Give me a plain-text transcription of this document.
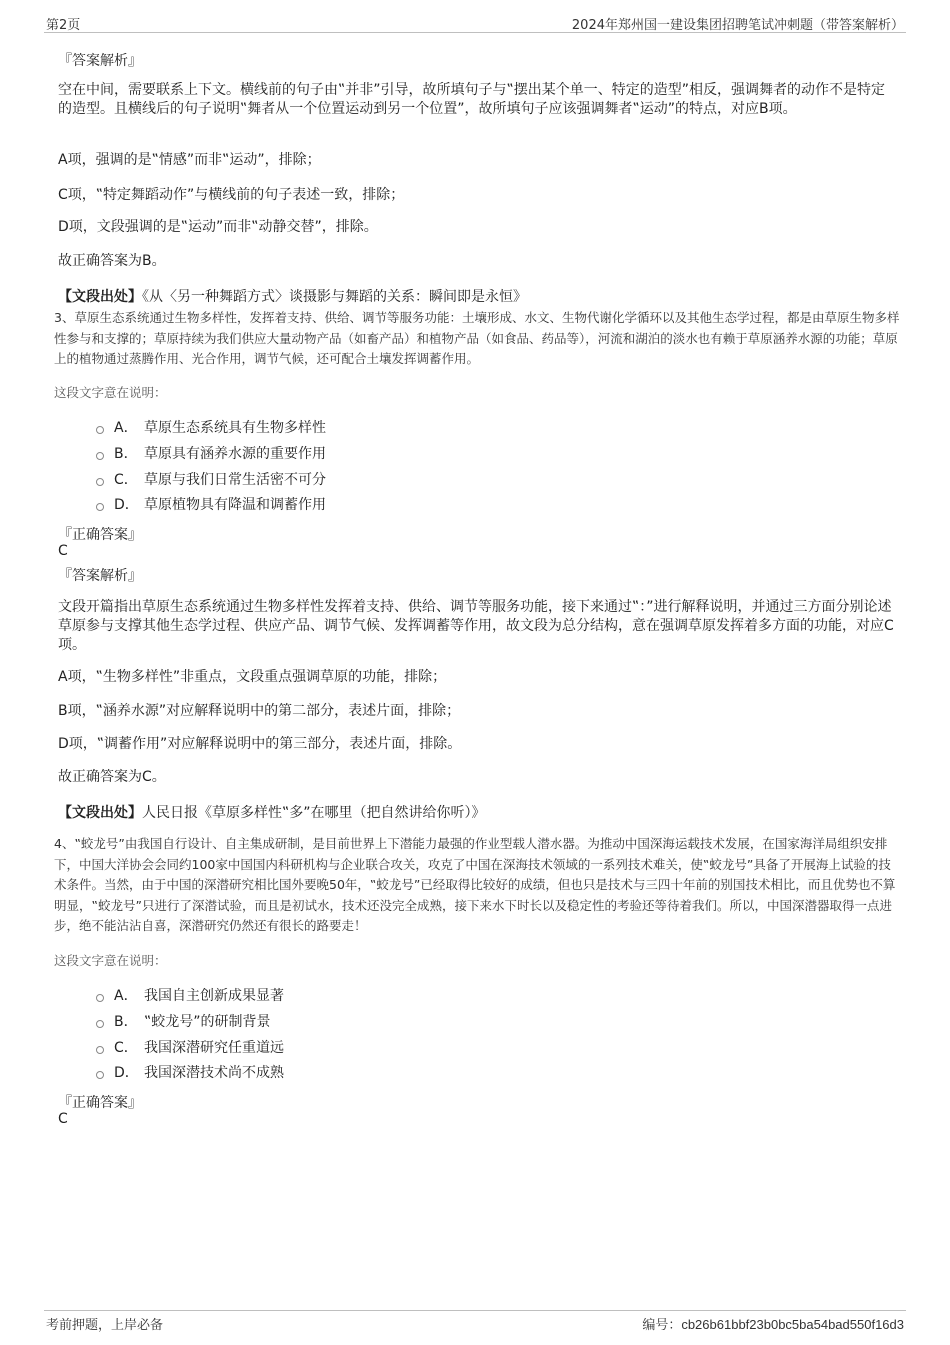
第2页	2024年郑州国一建设集团招聘笔试冲刺题（带答案解析）
『答案解析』
空在中间，需要联系上下文。横线前的句子由‟并非”引导，故所填句子与‟摆出某个单一、特定的造型”相反，强调舞者的动作不是特定的造型。且横线后的句子说明‟舞者从一个位置运动到另一个位置”，故所填句子应该强调舞者‟运动”的特点，对应B项。
A项，强调的是‟情感”而非‟运动”，排除；
C项，‟特定舞蹈动作”与横线前的句子表述一致，排除；
D项，文段强调的是‟运动”而非‟动静交替”，排除。
故正确答案为B。
【文段出处】《从〈另一种舞蹈方式〉谈摄影与舞蹈的关系：瞬间即是永恒》
3、草原生态系统通过生物多样性，发挥着支持、供给、调节等服务功能：土壤形成、水文、生物代谢化学循环以及其他生态学过程，都是由草原生物多样性参与和支撑的；草原持续为我们供应大量动物产品（如畜产品）和植物产品（如食品、药品等），河流和湖泊的淡水也有赖于草原涵养水源的功能；草原上的植物通过蒸腾作用、光合作用，调节气候，还可配合土壤发挥调蓄作用。
这段文字意在说明：
A． 草原生态系统具有生物多样性
B． 草原具有涵养水源的重要作用
C． 草原与我们日常生活密不可分
D． 草原植物具有降温和调蓄作用
『正确答案』
C
『答案解析』
文段开篇指出草原生态系统通过生物多样性发挥着支持、供给、调节等服务功能，接下来通过‟：”进行解释说明，并通过三方面分别论述草原参与支撑其他生态学过程、供应产品、调节气候、发挥调蓄等作用，故文段为总分结构，意在强调草原发挥着多方面的功能，对应C项。
A项，‟生物多样性”非重点，文段重点强调草原的功能，排除；
B项，‟涵养水源”对应解释说明中的第二部分，表述片面，排除；
D项，‟调蓄作用”对应解释说明中的第三部分，表述片面，排除。
故正确答案为C。
【文段出处】人民日报《草原多样性‟多”在哪里（把自然讲给你听）》
4、‟蛟龙号”由我国自行设计、自主集成研制，是目前世界上下潜能力最强的作业型载人潜水器。为推动中国深海运载技术发展，在国家海洋局组织安排下，中国大洋协会会同约100家中国国内科研机构与企业联合攻关，攻克了中国在深海技术领域的一系列技术难关，使‟蛟龙号”具备了开展海上试验的技术条件。当然，由于中国的深潜研究相比国外要晚50年，‟蛟龙号”已经取得比较好的成绩，但也只是技术与三四十年前的别国技术相比，而且优势也不算明显，‟蛟龙号”只进行了深潜试验，而且是初试水，技术还没完全成熟，接下来水下时长以及稳定性的考验还等待着我们。所以，中国深潜器取得一点进步，绝不能沾沾自喜，深潜研究仍然还有很长的路要走！
这段文字意在说明：
A． 我国自主创新成果显著
B． ‟蛟龙号”的研制背景
C． 我国深潜研究任重道远
D． 我国深潜技术尚不成熟
『正确答案』
C
考前押题，上岸必备	编号：cb26b61bbf23b0bc5ba54bad550f16d3
